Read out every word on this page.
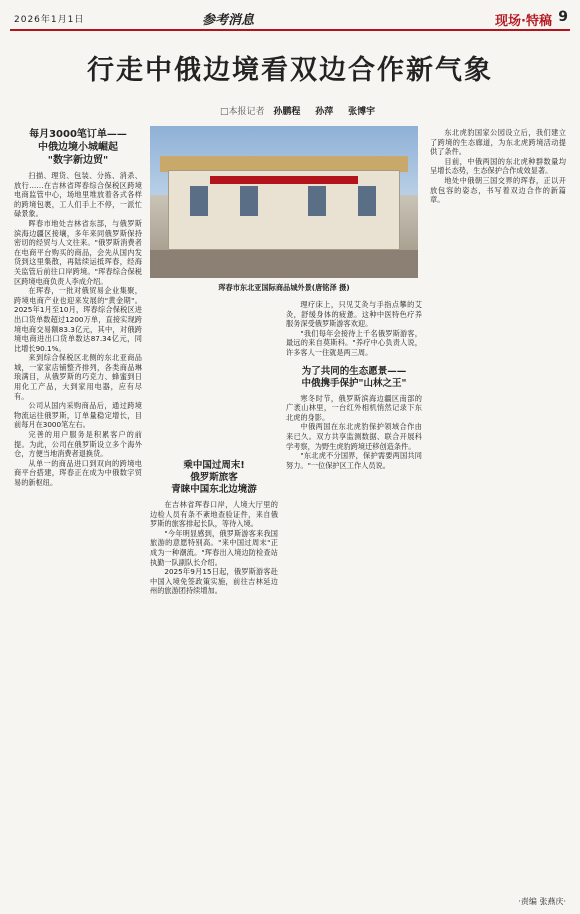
2026年1月1日	参考消息	现场·特稿 9
行走中俄边境看双边合作新气象
□本报记者 孙鹏程 孙萍 张博宇
每月3000笔订单——
中俄边境小城崛起
"数字新边贸"

扫描、理货、包装、分拣、消杀、放行……在吉林省珲春综合保税区跨境电商监管中心，场地里堆放着各式各样的跨境包裹，工人们手上不停，一派忙碌景象。

晖春市地处吉林省东部，与俄罗斯滨海边疆区接壤，多年来同俄罗斯保持密切的经贸与人文往来。"俄罗斯消费者在电商平台购买的商品，会先从国内发货到这里集散，再陆续运抵珲春，经海关监管后前往口岸跨境。"珲春综合保税区跨境电商负责人李成介绍。

在珲春，一批对俄贸易企业集聚，跨境电商产业也迎来发展的"黄金期"。2025年1月至10月，珲春综合保税区进出口货单数超过1200万单，直接实现跨境电商交易额83.3亿元，其中，对俄跨境电商进出口货单数达87.34亿元，同比增长90.1%。

来到综合保税区北侧的东北亚商品城，一家家店铺整齐排列，各类商品琳琅满目，从俄罗斯的巧克力、蜂蜜到日用化工产品，大到家用电器，应有尽有。

公司从国内采购商品后，通过跨境物流运往俄罗斯，订单量稳定增长，目前每月在3000笔左右。

完善的用户服务是积累客户的前提。为此，公司在俄罗斯设立多个海外仓，方便当地消费者退换货。

从单一的商品进口到双向的跨境电商平台搭建，珲春正在成为中俄数字贸易的新枢纽。

珲春市东北亚国际商品城外景(唐铭泽 摄)
乘中国过周末!
俄罗斯旅客
青睐中国东北边境游

在吉林省珲春口岸，人境大厅里的边检人员有条不紊地查验证件，来自俄罗斯的旅客排起长队，等待入境。

"今年明显感到，俄罗斯游客来我国旅游的意愿特别高。"来中国过周末"正成为一种潮流。"珲春出入境边防检查站执勤一队副队长介绍。

2025年9月15日起，俄罗斯游客赴中国入境免签政策实施，前往吉林延边州的旅游团持续增加。

理疗床上，只见艾灸与手指点攀的艾灸，舒缓身体的疲惫。这种中医特色疗养服务深受俄罗斯游客欢迎。

"我们每年会接待上千名俄罗斯游客，最远的来自莫斯科。"养疗中心负责人说，许多客人一住就是两三周。

为了共同的生态愿景——
中俄携手保护"山林之王"

寒冬时节，俄罗斯滨海边疆区南部的广袤山林里，一台红外相机悄然记录下东北虎的身影。

中俄两国在东北虎豹保护领域合作由来已久。双方共享监测数据、联合开展科学考察，为野生虎豹跨境迁移创造条件。

"东北虎不分国界，保护需要两国共同努力。"一位保护区工作人员说。

东北虎豹国家公园设立后，我们建立了跨境的生态廊道，为东北虎跨境活动提供了条件。

目前，中俄两国的东北虎种群数量均呈增长态势，生态保护合作成效显著。

地处中俄朝三国交界的珲春，正以开放包容的姿态，书写着双边合作的新篇章。

·责编 张燕庆·
